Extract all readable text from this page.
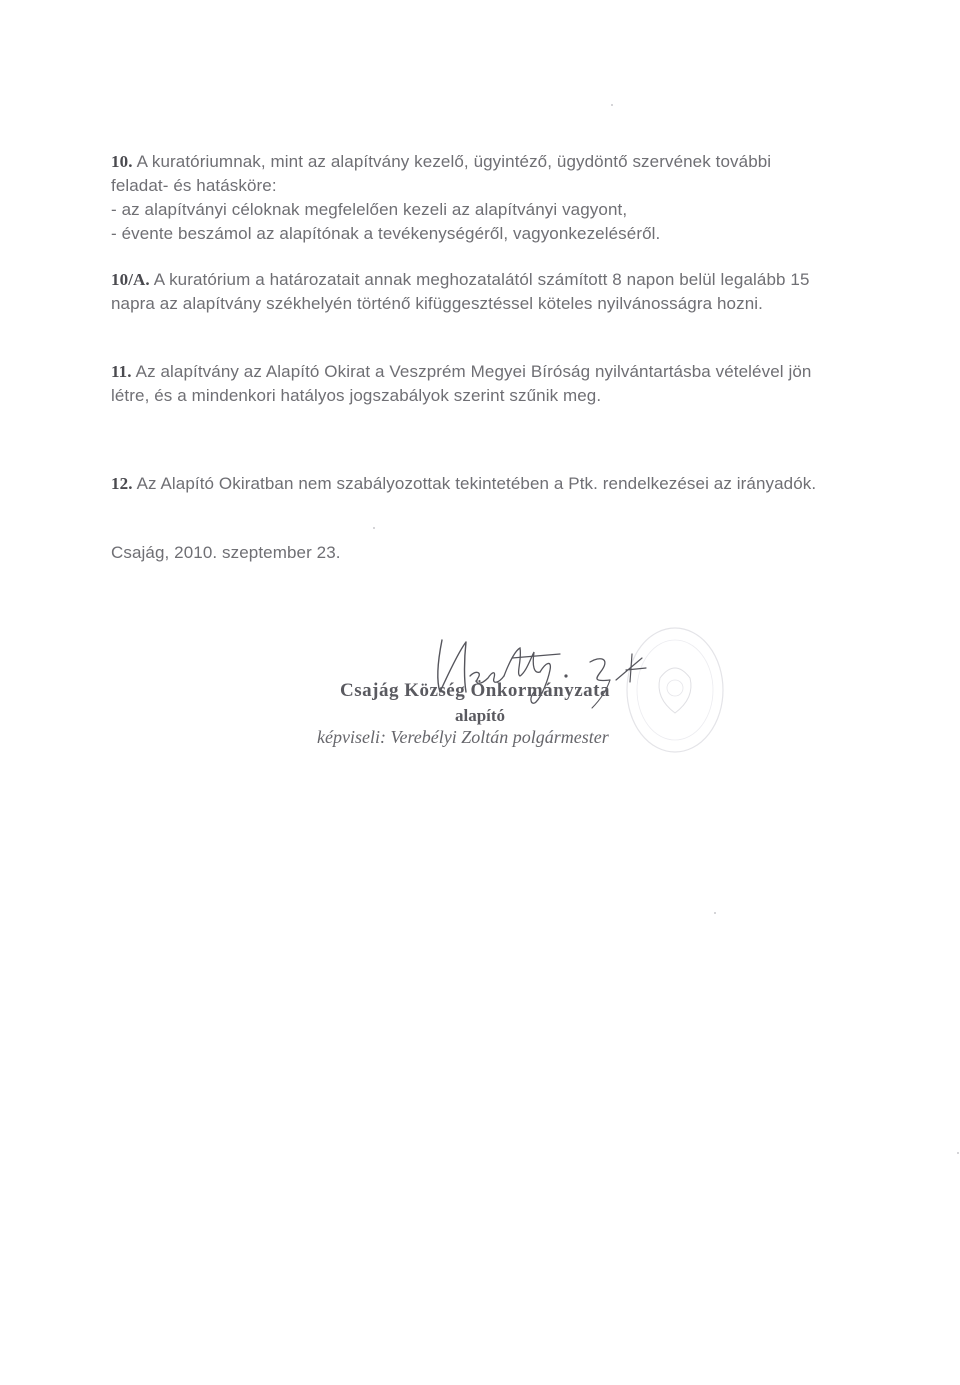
10. A kuratóriumnak, mint az alapítvány kezelő, ügyintéző, ügydöntő szervének további
feladat- és hatásköre:
- az alapítványi céloknak megfelelően kezeli az alapítványi vagyont,
- évente beszámol az alapítónak a tevékenységéről, vagyonkezeléséről.
10/A. A kuratórium a határozatait annak meghozatalától számított 8 napon belül legalább 15
napra az alapítvány székhelyén történő kifüggesztéssel köteles nyilvánosságra hozni.
11. Az alapítvány az Alapító Okirat a Veszprém Megyei Bíróság nyilvántartásba vételével jön
létre, és a mindenkori hatályos jogszabályok szerint szűnik meg.
12. Az Alapító Okiratban nem szabályozottak tekintetében a Ptk. rendelkezései az irányadók.
Csajág, 2010. szeptember 23.
Csajág Község Önkormányzata
alapító
képviseli: Verebélyi Zoltán polgármester
